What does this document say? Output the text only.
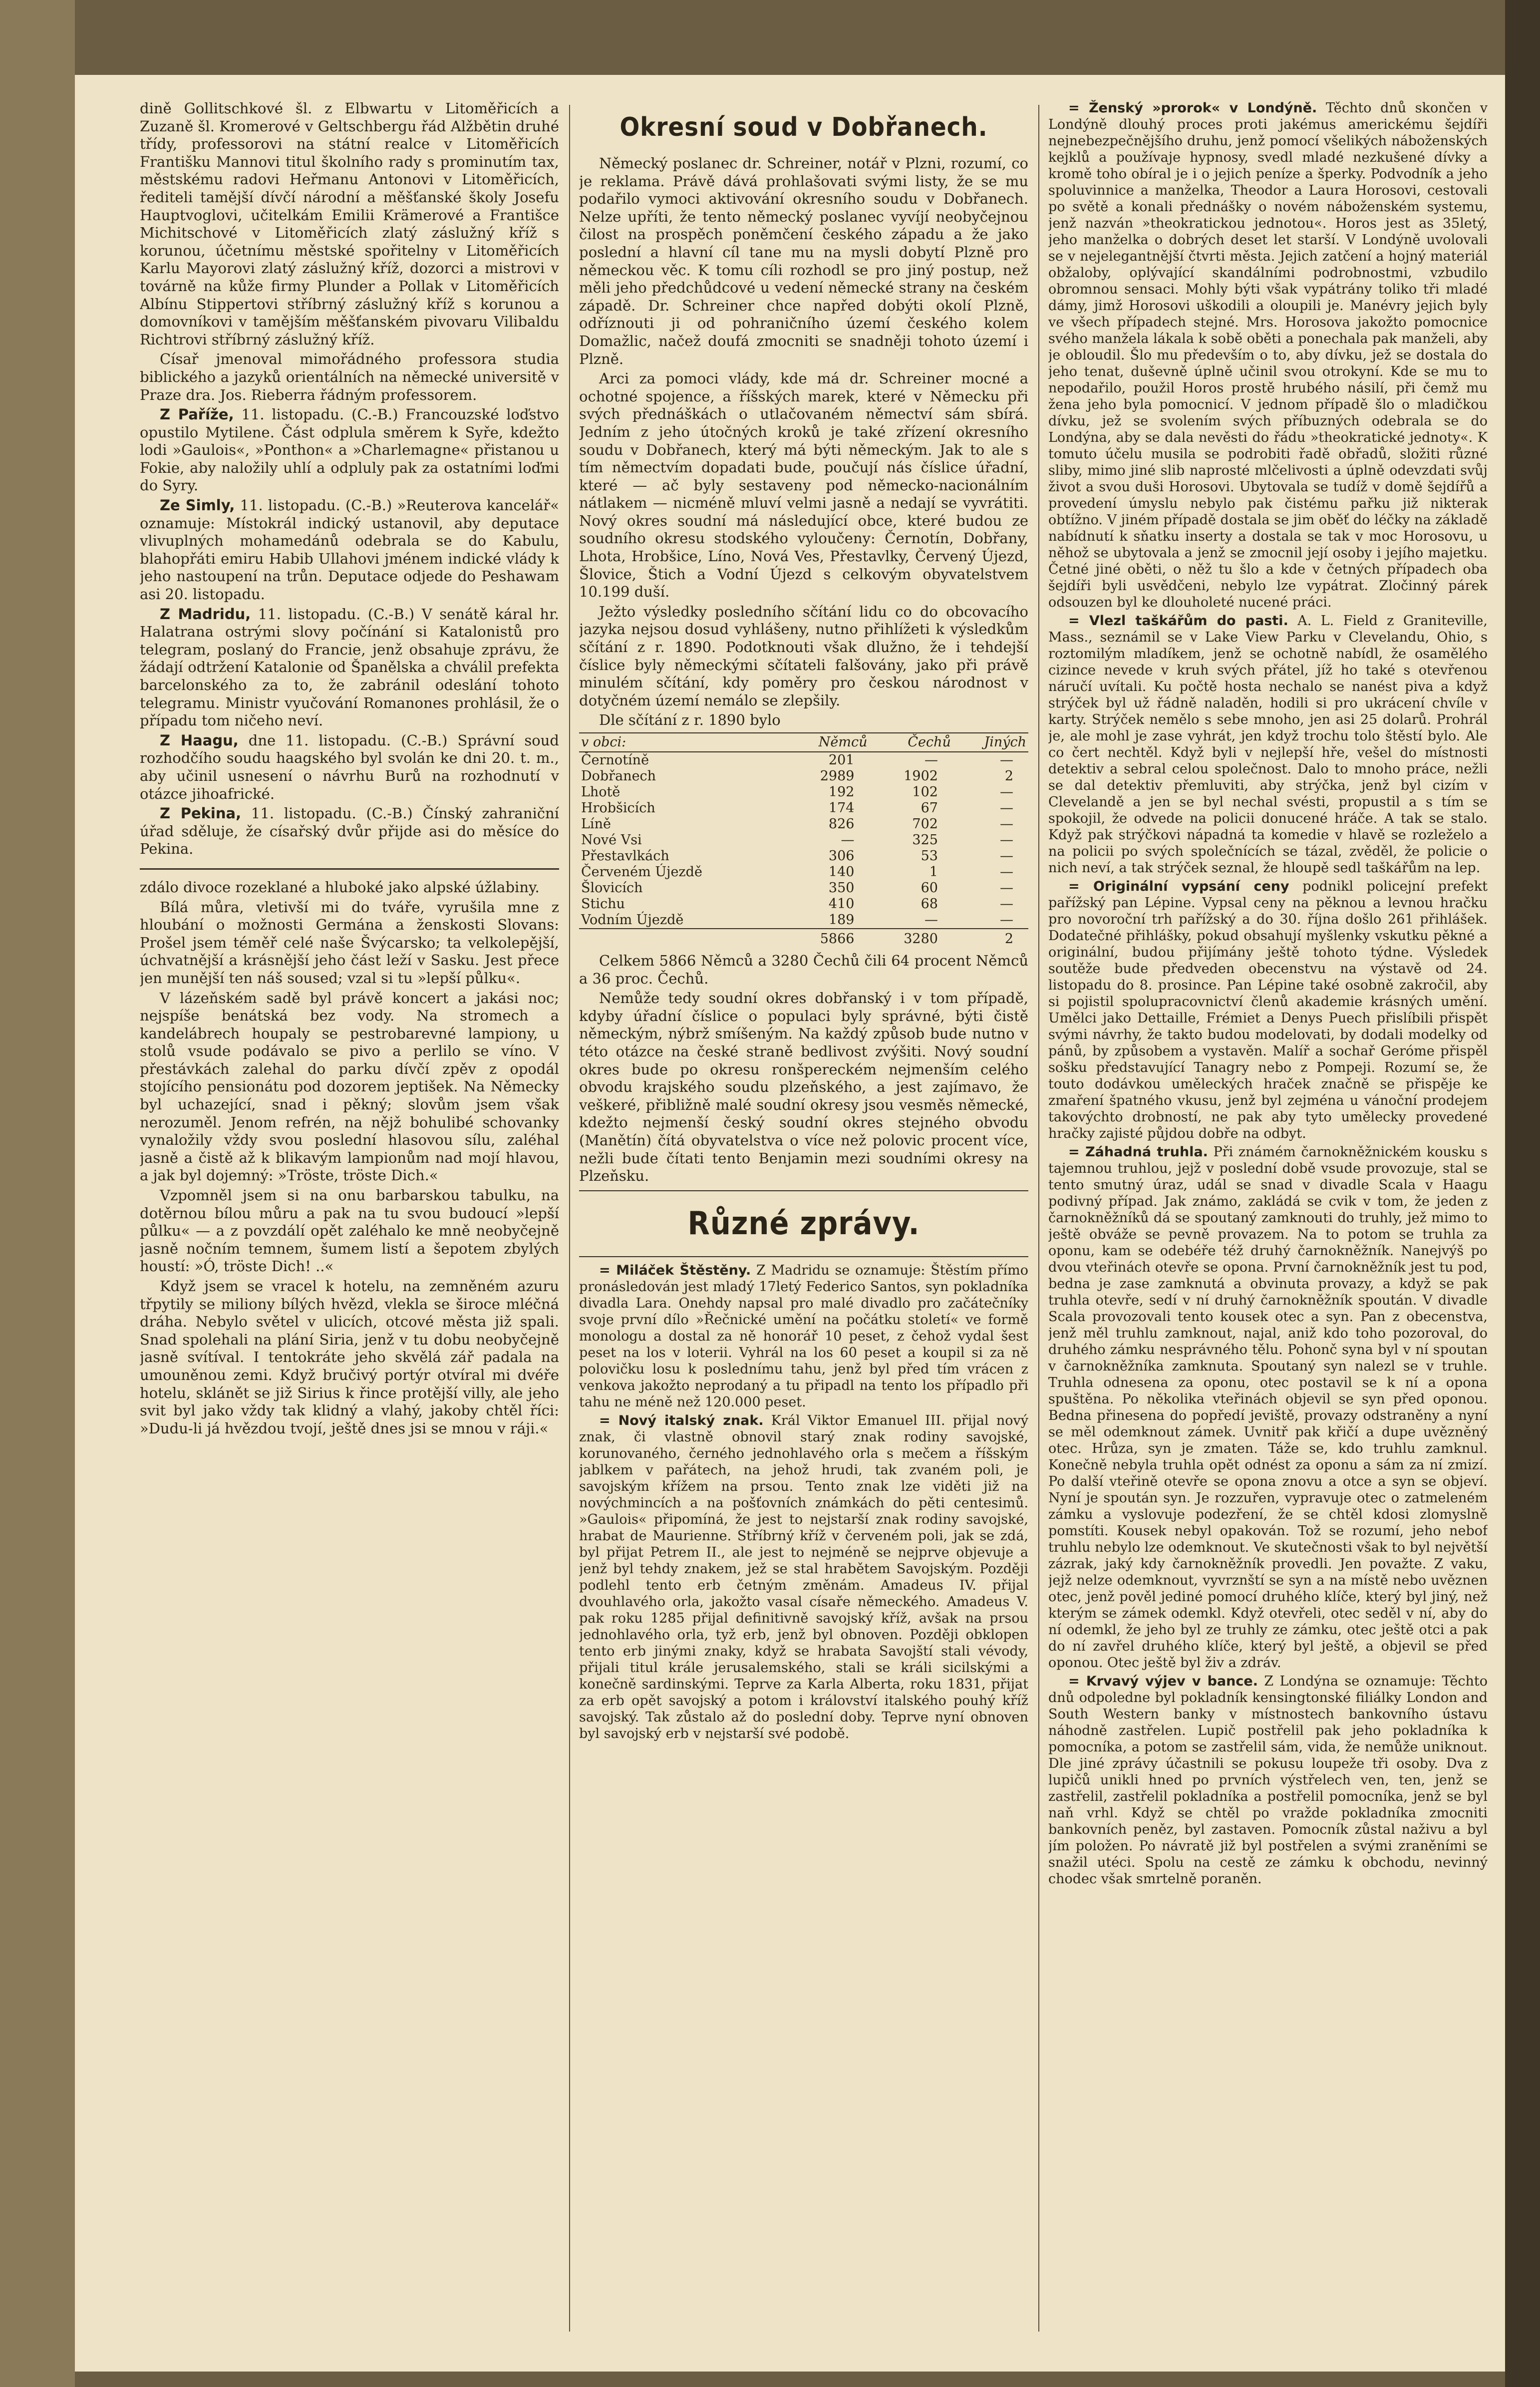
dině Gollitschkové šl. z Elbwartu v Litoměřicích a Zuzaně šl. Kromerové v Geltschbergu řád Alžbětin druhé třídy, professorovi na státní realce v Litoměřicích Františku Mannovi titul školního rady s prominutím tax, městskému radovi Heřmanu Antonovi v Litoměřicích, řediteli tamější dívčí národní a měšťanské školy Josefu Hauptvoglovi, učitelkám Emilii Krämerové a Františce Michitschové v Litoměřicích zlatý záslužný kříž s korunou, účetnímu městské spořitelny v Litoměřicích Karlu Mayorovi zlatý záslužný kříž, dozorci a mistrovi v továrně na kůže firmy Plunder a Pollak v Litoměřicích Albínu Stippertovi stříbrný záslužný kříž s korunou a domovníkovi v tamějším měšťanském pivovaru Vilibaldu Richtrovi stříbrný záslužný kříž.

Císař jmenoval mimořádného professora studia biblického a jazyků orientálních na německé universitě v Praze dra. Jos. Rieberra řádným professorem.

Z Paříže, 11. listopadu. (C.-B.) Francouzské loďstvo opustilo Mytilene. Část odplula směrem k Syře, kdežto lodi »Gaulois«, »Ponthon« a »Charlemagne« přistanou u Fokie, aby naložily uhlí a odpluly pak za ostatními loďmi do Syry.

Ze Simly, 11. listopadu. (C.-B.) »Reuterova kancelář« oznamuje: Místokrál indický ustanovil, aby deputace vlivuplných mohamedánů odebrala se do Kabulu, blahopřáti emiru Habib Ullahovi jménem indické vlády k jeho nastoupení na trůn. Deputace odjede do Peshawam asi 20. listopadu.

Z Madridu, 11. listopadu. (C.-B.) V senátě káral hr. Halatrana ostrými slovy počínání si Katalonistů pro telegram, poslaný do Francie, jenž obsahuje zprávu, že žádají odtržení Katalonie od Španělska a chválil prefekta barcelonského za to, že zabránil odeslání tohoto telegramu. Ministr vyučování Romanones prohlásil, že o případu tom ničeho neví.

Z Haagu, dne 11. listopadu. (C.-B.) Správní soud rozhodčího soudu haagského byl svolán ke dni 20. t. m., aby učinil usnesení o návrhu Burů na rozhodnutí v otázce jihoafrické.

Z Pekina, 11. listopadu. (C.-B.) Čínský zahraniční úřad sděluje, že císařský dvůr přijde asi do měsíce do Pekina.

zdálo divoce rozeklané a hluboké jako alpské úžlabiny.

Bílá můra, vletivší mi do tváře, vyrušila mne z hloubání o možnosti Germána a ženskosti Slovans: Prošel jsem téměř celé naše Švýcarsko; ta velkolepější, úchvatnější a krásnější jeho část leží v Sasku. Jest přece jen munější ten náš soused; vzal si tu »lepší půlku«.

V lázeňském sadě byl právě koncert a jakási noc; nejspíše benátská bez vody. Na stromech a kandelábrech houpaly se pestrobarevné lampiony, u stolů vsude podávalo se pivo a perlilo se víno. V přestávkách zalehal do parku dívčí zpěv z opodál stojícího pensionátu pod dozorem jeptišek. Na Německy byl uchazející, snad i pěkný; slovům jsem však nerozuměl. Jenom refrén, na nějž bohulibé schovanky vynaložily vždy svou poslední hlasovou sílu, zaléhal jasně a čistě až k blikavým lampionům nad mojí hlavou, a jak byl dojemný: »Tröste, tröste Dich.«

Vzpomněl jsem si na onu barbarskou tabulku, na dotěrnou bílou můru a pak na tu svou budoucí »lepší půlku« — a z povzdálí opět zaléhalo ke mně neobyčejně jasně nočním temnem, šumem listí a šepotem zbylých houstí: »Ó, tröste Dich! ..«

Když jsem se vracel k hotelu, na zemněném azuru třpytily se miliony bílých hvězd, vlekla se široce mléčná dráha. Nebylo světel v ulicích, otcové města již spali. Snad spolehali na plání Siria, jenž v tu dobu neobyčejně jasně svítíval. I tentokráte jeho skvělá zář padala na umouněnou zemi. Když bručivý portýr otvíral mi dvéře hotelu, sklánět se již Sirius k řince protější villy, ale jeho svit byl jako vždy tak klidný a vlahý, jakoby chtěl říci: »Dudu-li já hvězdou tvojí, ještě dnes jsi se mnou v ráji.«

Okresní soud v Dobřanech.

Německý poslanec dr. Schreiner, notář v Plzni, rozumí, co je reklama. Právě dává prohlašovati svými listy, že se mu podařilo vymoci aktivování okresního soudu v Dobřanech. Nelze upříti, že tento německý poslanec vyvíjí neobyčejnou čilost na prospěch poněmčení českého západu a že jako poslední a hlavní cíl tane mu na mysli dobytí Plzně pro německou věc. K tomu cíli rozhodl se pro jiný postup, než měli jeho předchůdcové u vedení německé strany na českém západě. Dr. Schreiner chce napřed dobýti okolí Plzně, odříznouti ji od pohraničního území českého kolem Domažlic, načež doufá zmocniti se snadněji tohoto území i Plzně.

Arci za pomoci vlády, kde má dr. Schreiner mocné a ochotné spojence, a říšských marek, které v Německu při svých přednáškách o utlačovaném němectví sám sbírá. Jedním z jeho útočných kroků je také zřízení okresního soudu v Dobřanech, který má býti německým. Jak to ale s tím němectvím dopadati bude, poučují nás číslice úřadní, které — ač byly sestaveny pod německo-nacionálním nátlakem — nicméně mluví velmi jasně a nedají se vyvrátiti. Nový okres soudní má následující obce, které budou ze soudního okresu stodského vyloučeny: Černotín, Dobřany, Lhota, Hrobšice, Líno, Nová Ves, Přestavlky, Červený Újezd, Šlovice, Štich a Vodní Újezd s celkovým obyvatelstvem 10.199 duší.

Ježto výsledky posledního sčítání lidu co do obcovacího jazyka nejsou dosud vyhlášeny, nutno přihlížeti k výsledkům sčítání z r. 1890. Podotknouti však dlužno, že i tehdejší číslice byly německými sčítateli falšovány, jako při právě minulém sčítání, kdy poměry pro českou národnost v dotyčném území nemálo se zlepšily.

Dle sčítání z r. 1890 bylo

v obci:	Němců	Čechů	Jiných
Černotíně	201	—	—
Dobřanech	2989	1902	2
Lhotě	192	102	—
Hrobšicích	174	67	—
Líně	826	702	—
Nové Vsi	—	325	—
Přestavlkách	306	53	—
Červeném Újezdě	140	1	—
Šlovicích	350	60	—
Stichu	410	68	—
Vodním Újezdě	189	—	—
	5866	3280	2

Celkem 5866 Němců a 3280 Čechů čili 64 procent Němců a 36 proc. Čechů.

Nemůže tedy soudní okres dobřanský i v tom případě, kdyby úřadní číslice o populaci byly správné, býti čistě německým, nýbrž smíšeným. Na každý způsob bude nutno v této otázce na české straně bedlivost zvýšiti. Nový soudní okres bude po okresu ronšpereckém nejmenším celého obvodu krajského soudu plzeňského, a jest zajímavo, že veškeré, přibližně malé soudní okresy jsou vesměs německé, kdežto nejmenší český soudní okres stejného obvodu (Manětín) čítá obyvatelstva o více než polovic procent více, nežli bude čítati tento Benjamin mezi soudními okresy na Plzeňsku.

Různé zprávy.

= Miláček Štěstěny. Z Madridu se oznamuje: Štěstím přímo pronásledován jest mladý 17letý Federico Santos, syn pokladníka divadla Lara. Onehdy napsal pro malé divadlo pro začátečníky svoje první dílo »Řečnické umění na počátku století« ve formě monologu a dostal za ně honorář 10 peset, z čehož vydal šest peset na los v loterii. Vyhrál na los 60 peset a koupil si za ně polovičku losu k poslednímu tahu, jenž byl před tím vrácen z venkova jakožto neprodaný a tu připadl na tento los případlo při tahu ne méně než 120.000 peset.

= Nový italský znak. Král Viktor Emanuel III. přijal nový znak, či vlastně obnovil starý znak rodiny savojské, korunovaného, černého jednohlavého orla s mečem a říšským jablkem v pařátech, na jehož hrudi, tak zvaném poli, je savojským křížem na prsou. Tento znak lze viděti již na novýchmincích a na pošťovních známkách do pěti centesimů. »Gaulois« připomíná, že jest to nejstarší znak rodiny savojské, hrabat de Maurienne. Stříbrný kříž v červeném poli, jak se zdá, byl přijat Petrem II., ale jest to nejméně se nejprve objevuje a jenž byl tehdy znakem, jež se stal hrabětem Savojským. Později podlehl tento erb četným změnám. Amadeus IV. přijal dvouhlavého orla, jakožto vasal císaře německého. Amadeus V. pak roku 1285 přijal definitivně savojský kříž, avšak na prsou jednohlavého orla, tyž erb, jenž byl obnoven. Později obklopen tento erb jinými znaky, když se hrabata Savojští stali vévody, přijali titul krále jerusalemského, stali se králi sicilskými a konečně sardinskými. Teprve za Karla Alberta, roku 1831, přijat za erb opět savojský a potom i království italského pouhý kříž savojský. Tak zůstalo až do poslední doby. Teprve nyní obnoven byl savojský erb v nejstarší své podobě.

= Ženský »prorok« v Londýně. Těchto dnů skončen v Londýně dlouhý proces proti jakémus americkému šejdíři nejnebezpečnějšího druhu, jenž pomocí všelikých náboženských kejklů a používaje hypnosy, svedl mladé nezkušené dívky a kromě toho obíral je i o jejich peníze a šperky. Podvodník a jeho spoluvinnice a manželka, Theodor a Laura Horosovi, cestovali po světě a konali přednášky o novém náboženském systemu, jenž nazván »theokratickou jednotou«. Horos jest as 35letý, jeho manželka o dobrých deset let starší. V Londýně uvolovali se v nejelegantnější čtvrti města. Jejich zatčení a hojný materiál obžaloby, oplývající skandálními podrobnostmi, vzbudilo obromnou sensaci. Mohly býti však vypátrány toliko tři mladé dámy, jimž Horosovi uškodili a oloupili je. Manévry jejich byly ve všech případech stejné. Mrs. Horosova jakožto pomocnice svého manžela lákala k sobě oběti a ponechala pak manželi, aby je obloudil. Šlo mu především o to, aby dívku, jež se dostala do jeho tenat, duševně úplně učinil svou otrokyní. Kde se mu to nepodařilo, použil Horos prostě hrubého násilí, při čemž mu žena jeho byla pomocnicí. V jednom případě šlo o mladičkou dívku, jež se svolením svých příbuzných odebrala se do Londýna, aby se dala nevěsti do řádu »theokratické jednoty«. K tomuto účelu musila se podrobiti řadě obřadů, složiti různé sliby, mimo jiné slib naprosté mlčelivosti a úplně odevzdati svůj život a svou duši Horosovi. Ubytovala se tudíž v domě šejdířů a provedení úmyslu nebylo pak čistému pařku již nikterak obtížno. V jiném případě dostala se jim oběť do léčky na základě nabídnutí k sňatku inserty a dostala se tak v moc Horosovu, u něhož se ubytovala a jenž se zmocnil její osoby i jejího majetku. Četné jiné oběti, o něž tu šlo a kde v četných případech oba šejdíři byli usvědčeni, nebylo lze vypátrat. Zločinný párek odsouzen byl ke dlouholeté nucené práci.

= Vlezl taškářům do pasti. A. L. Field z Graniteville, Mass., seznámil se v Lake View Parku v Clevelandu, Ohio, s roztomilým mladíkem, jenž se ochotně nabídl, že osamělého cizince nevede v kruh svých přátel, jíž ho také s otevřenou náručí uvítali. Ku počtě hosta nechalo se nanést piva a když strýček byl už řádně naladěn, hodili si pro ukrácení chvíle v karty. Strýček nemělo s sebe mnoho, jen asi 25 dolarů. Prohrál je, ale mohl je zase vyhrát, jen když trochu tolo štěstí bylo. Ale co čert nechtěl. Když byli v nejlepší hře, vešel do místnosti detektiv a sebral celou společnost. Dalo to mnoho práce, nežli se dal detektiv přemluviti, aby strýčka, jenž byl cizím v Clevelandě a jen se byl nechal svésti, propustil a s tím se spokojil, že odvede na policii donucené hráče. A tak se stalo. Když pak strýčkovi nápadná ta komedie v hlavě se rozleželo a na policii po svých společnících se tázal, zvěděl, že policie o nich neví, a tak strýček seznal, že hloupě sedl taškářům na lep.

= Originální vypsání ceny podnikl policejní prefekt pařížský pan Lépine. Vypsal ceny na pěknou a levnou hračku pro novoroční trh pařížský a do 30. října došlo 261 přihlášek. Dodatečné přihlášky, pokud obsahují myšlenky vskutku pěkné a originální, budou přijímány ještě tohoto týdne. Výsledek soutěže bude předveden obecenstvu na výstavě od 24. listopadu do 8. prosince. Pan Lépine také osobně zakročil, aby si pojistil spolupracovnictví členů akademie krásných umění. Umělci jako Dettaille, Frémiet a Denys Puech přislíbili přispět svými návrhy, že takto budou modelovati, by dodali modelky od pánů, by způsobem a vystavěn. Malíř a sochař Geróme přispěl sošku představující Tanagry nebo z Pompeji. Rozumí se, že touto dodávkou uměleckých hraček značně se přispěje ke zmaření špatného vkusu, jenž byl zejména u vánoční prodejem takovýchto drobností, ne pak aby tyto umělecky provedené hračky zajisté půjdou dobře na odbyt.

= Záhadná truhla. Při známém čarnokněžnickém kousku s tajemnou truhlou, jejž v poslední době vsude provozuje, stal se tento smutný úraz, udál se snad v divadle Scala v Haagu podivný případ. Jak známo, zakládá se cvik v tom, že jeden z čarnokněžníků dá se spoutaný zamknouti do truhly, jež mimo to ještě obváže se pevně provazem. Na to potom se truhla za oponu, kam se odebéře též druhý čarnokněžník. Nanejvýš po dvou vteřinách otevře se opona. První čarnokněžník jest tu pod, bedna je zase zamknutá a obvinuta provazy, a když se pak truhla otevře, sedí v ní druhý čarnokněžník spoután. V divadle Scala provozovali tento kousek otec a syn. Pan z obecenstva, jenž měl truhlu zamknout, najal, aniž kdo toho pozoroval, do druhého zámku nesprávného tělu. Pohonč syna byl v ní spoutan v čarnokněžníka zamknuta. Spoutaný syn nalezl se v truhle. Truhla odnesena za oponu, otec postavil se k ní a opona spuštěna. Po několika vteřinách objevil se syn před oponou. Bedna přinesena do popředí jeviště, provazy odstraněny a nyní se měl odemknout zámek. Uvnitř pak křičí a dupe uvězněný otec. Hrůza, syn je zmaten. Táže se, kdo truhlu zamknul. Konečně nebyla truhla opět odnést za oponu a sám za ní zmizí. Po další vteřině otevře se opona znovu a otce a syn se objeví. Nyní je spoután syn. Je rozzuřen, vypravuje otec o zatmeleném zámku a vyslovuje podezření, že se chtěl kdosi zlomyslně pomstíti. Kousek nebyl opakován. Tož se rozumí, jeho nebof truhlu nebylo lze odemknout. Ve skutečnosti však to byl největší zázrak, jaký kdy čarnokněžník provedli. Jen považte. Z vaku, jejž nelze odemknout, vyvrznští se syn a na místě nebo uvěznen otec, jenž pověl jediné pomocí druhého klíče, který byl jiný, než kterým se zámek odemkl. Když otevřeli, otec seděl v ní, aby do ní odemkl, že jeho byl ze truhly ze zámku, otec ještě otci a pak do ní zavřel druhého klíče, který byl ještě, a objevil se před oponou. Otec ještě byl živ a zdráv.

= Krvavý výjev v bance. Z Londýna se oznamuje: Těchto dnů odpoledne byl pokladník kensingtonské filiálky London and South Western banky v místnostech bankovního ústavu náhodně zastřelen. Lupič postřelil pak jeho pokladníka k pomocníka, a potom se zastřelil sám, vida, že nemůže uniknout. Dle jiné zprávy účastnili se pokusu loupeže tři osoby. Dva z lupičů unikli hned po prvních výstřelech ven, ten, jenž se zastřelil, zastřelil pokladníka a postřelil pomocníka, jenž se byl naň vrhl. Když se chtěl po vražde pokladníka zmocniti bankovních peněz, byl zastaven. Pomocník zůstal naživu a byl jím položen. Po návratě již byl postřelen a svými zraněními se snažil utéci. Spolu na cestě ze zámku k obchodu, nevinný chodec však smrtelně poraněn.
